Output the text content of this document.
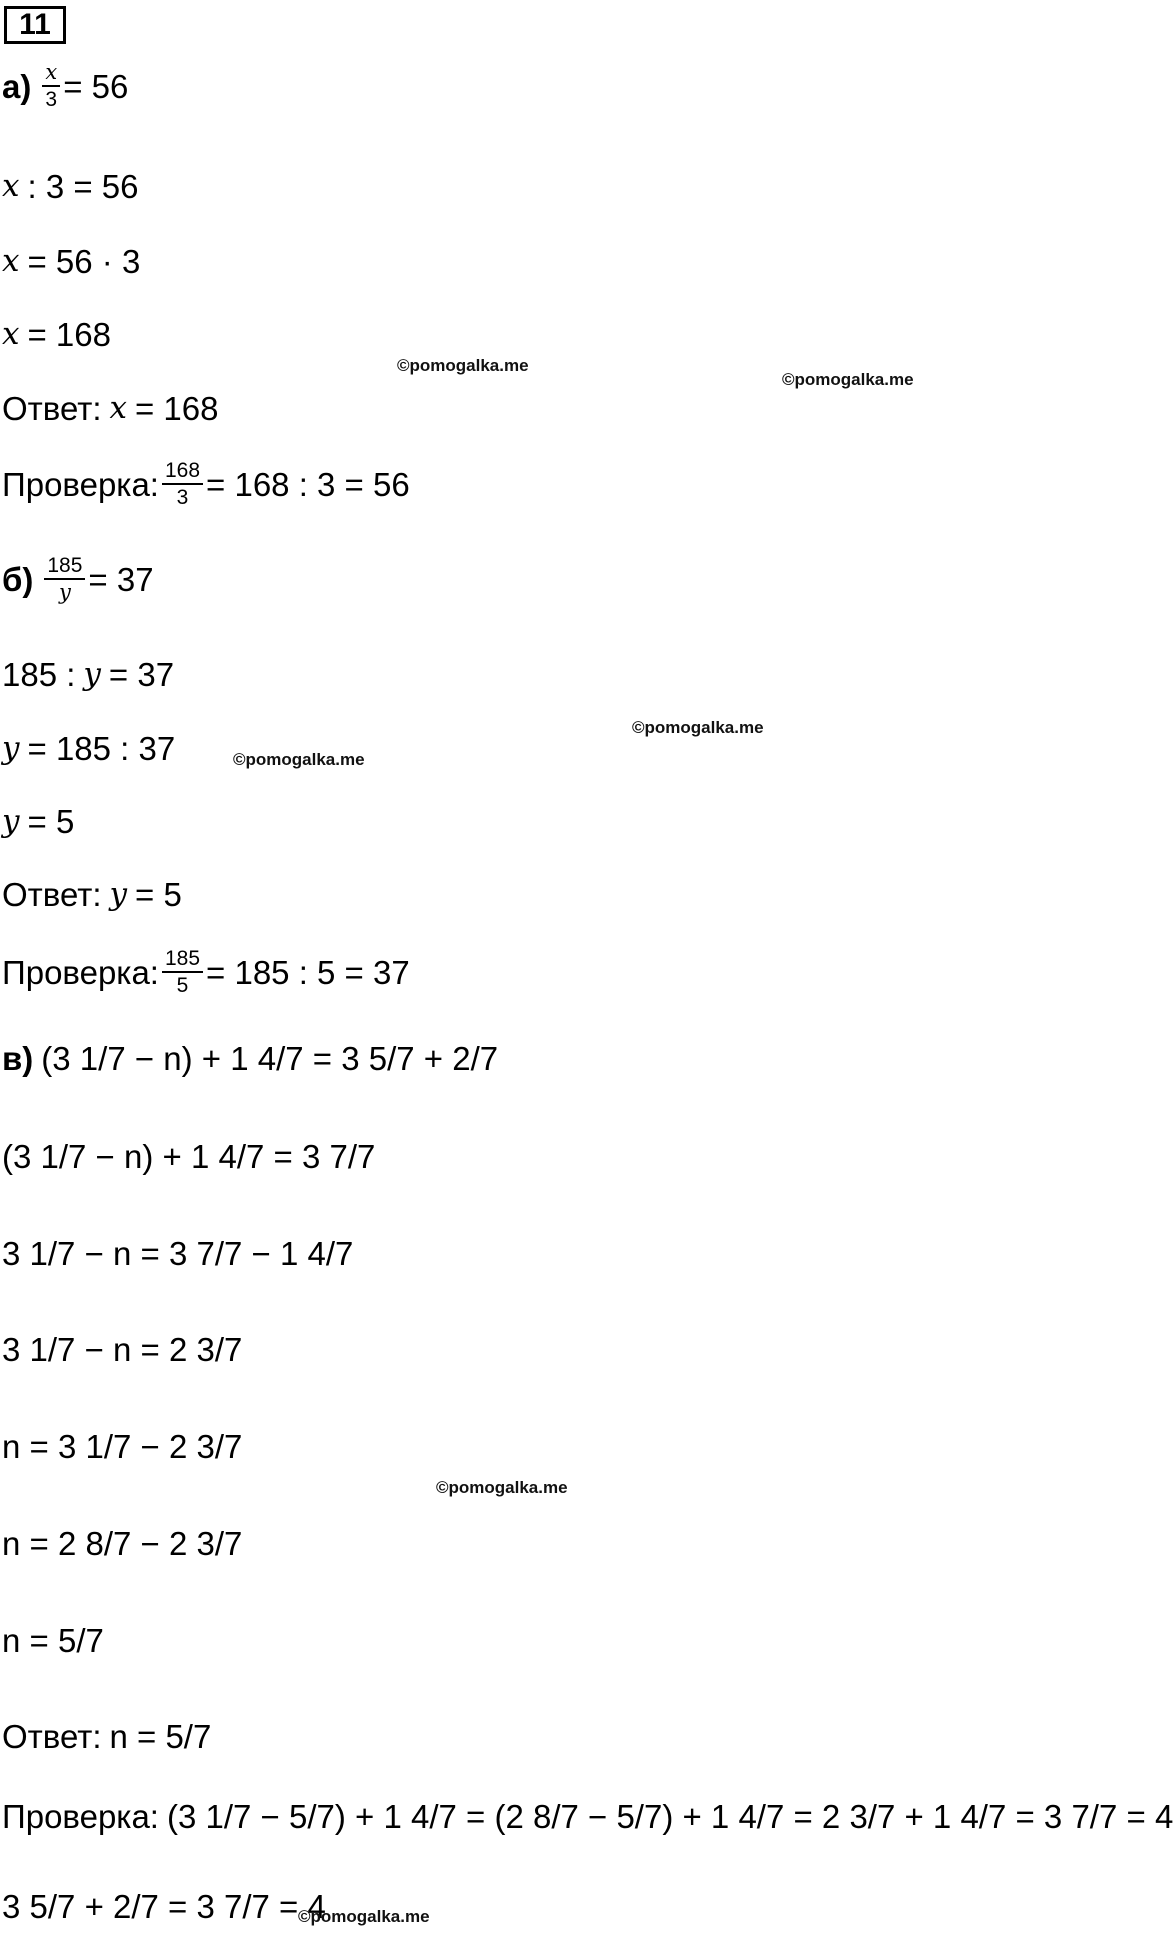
11
$а) \frac{x}{3} = 56$
x : 3 = 56
x = 56 · 3
x = 168
Ответ: x = 168
Проверка: $\frac{168}{3} = 168$ : 3 = 56
$б) \frac{185}{y} = 37$
185 : y = 37
y = 185 : 37
y = 5
Ответ: y = 5
Проверка: $\frac{185}{5} = 185$ : 5 = 37
в) (3 1/7 − n) + 1 4/7 = 3 5/7 + 2/7
(3 1/7 − n) + 1 4/7 = 3 7/7
3 1/7 − n = 3 7/7 − 1 4/7
3 1/7 − n = 2 3/7
n = 3 1/7 − 2 3/7
n = 2 8/7 − 2 3/7
n = 5/7
Ответ: n = 5/7
Проверка: (3 1/7 − 5/7) + 1 4/7 = (2 8/7 − 5/7) + 1 4/7 = 2 3/7 + 1 4/7 = 3 7/7 = 4
3 5/7 + 2/7 = 3 7/7 = 4
©pomogalka.me
©pomogalka.me
©pomogalka.me
©pomogalka.me
©pomogalka.me
©pomogalka.me
